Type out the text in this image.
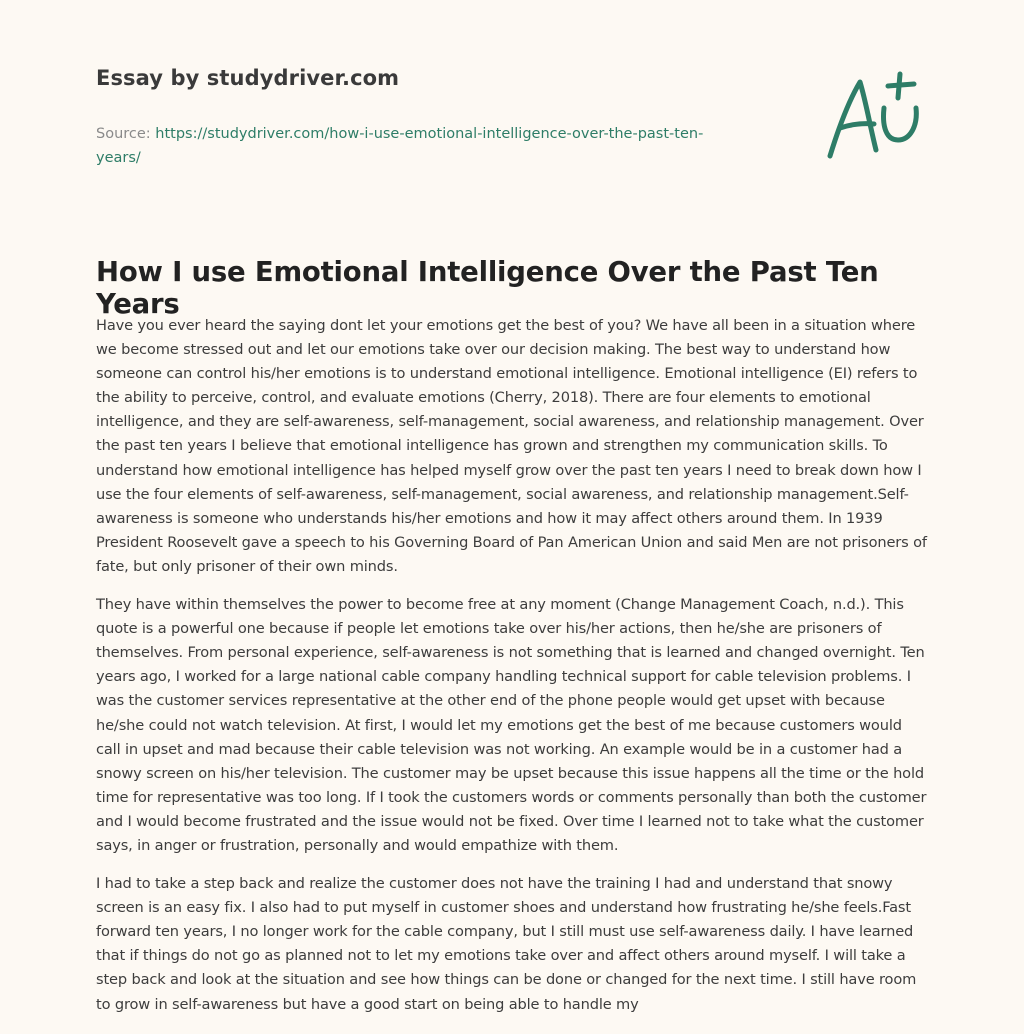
Essay by studydriver.com
Source: https://studydriver.com/how-i-use-emotional-intelligence-over-the-past-ten-years/
How I use Emotional Intelligence Over the Past Ten Years

Have you ever heard the saying dont let your emotions get the best of you? We have all been in a situation where we become stressed out and let our emotions take over our decision making. The best way to understand how someone can control his/her emotions is to understand emotional intelligence. Emotional intelligence (EI) refers to the ability to perceive, control, and evaluate emotions (Cherry, 2018). There are four elements to emotional intelligence, and they are self-awareness, self-management, social awareness, and relationship management. Over the past ten years I believe that emotional intelligence has grown and strengthen my communication skills. To understand how emotional intelligence has helped myself grow over the past ten years I need to break down how I use the four elements of self-awareness, self-management, social awareness, and relationship management.Self-awareness is someone who understands his/her emotions and how it may affect others around them. In 1939 President Roosevelt gave a speech to his Governing Board of Pan American Union and said Men are not prisoners of fate, but only prisoner of their own minds.

They have within themselves the power to become free at any moment (Change Management Coach, n.d.). This quote is a powerful one because if people let emotions take over his/her actions, then he/she are prisoners of themselves. From personal experience, self-awareness is not something that is learned and changed overnight. Ten years ago, I worked for a large national cable company handling technical support for cable television problems. I was the customer services representative at the other end of the phone people would get upset with because he/she could not watch television. At first, I would let my emotions get the best of me because customers would call in upset and mad because their cable television was not working. An example would be in a customer had a snowy screen on his/her television. The customer may be upset because this issue happens all the time or the hold time for representative was too long. If I took the customers words or comments personally than both the customer and I would become frustrated and the issue would not be fixed. Over time I learned not to take what the customer says, in anger or frustration, personally and would empathize with them.

I had to take a step back and realize the customer does not have the training I had and understand that snowy screen is an easy fix. I also had to put myself in customer shoes and understand how frustrating he/she feels.Fast forward ten years, I no longer work for the cable company, but I still must use self-awareness daily. I have learned that if things do not go as planned not to let my emotions take over and affect others around myself. I will take a step back and look at the situation and see how things can be done or changed for the next time. I still have room to grow in self-awareness but have a good start on being able to handle my
